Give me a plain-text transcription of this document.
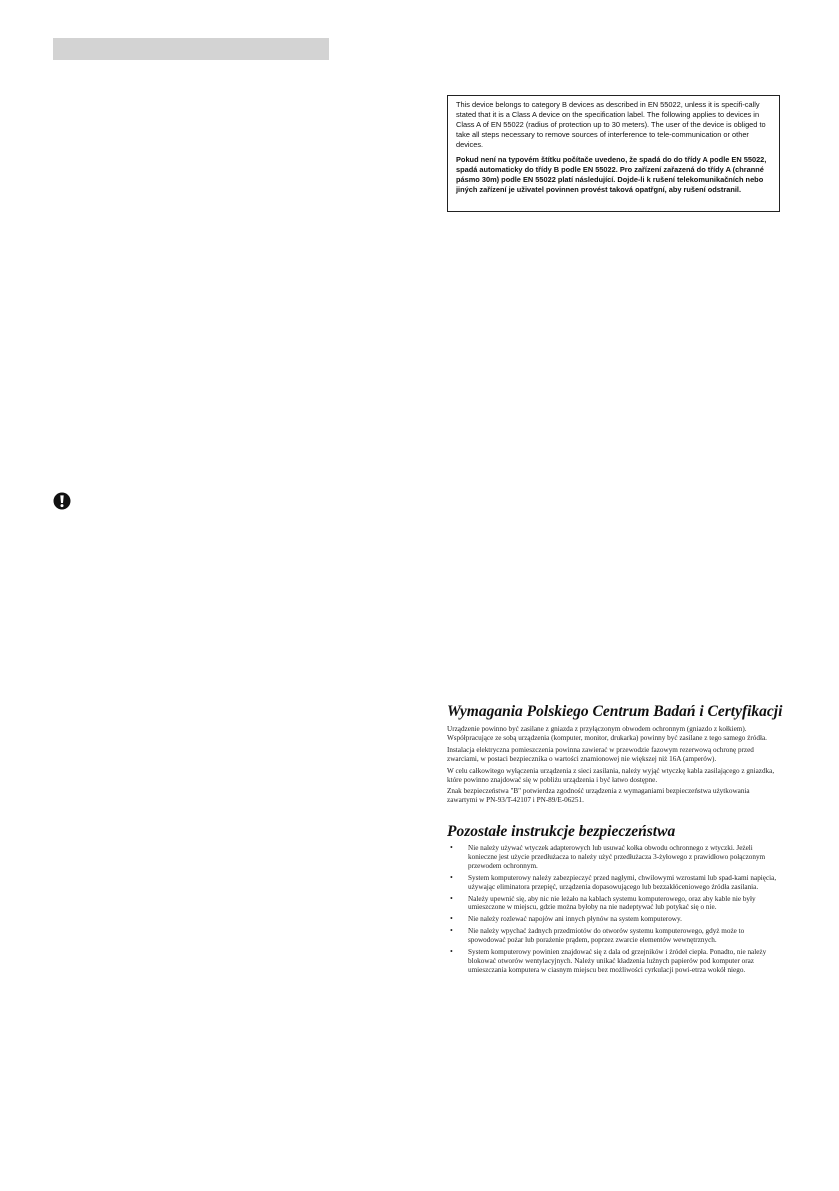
This device belongs to category B devices as described in EN 55022, unless it is specifi-cally stated that it is a Class A device on the specification label. The following applies to devices in Class A of EN 55022 (radius of protection up to 30 meters). The user of the device is obliged to take all steps necessary to remove sources of interference to tele-communication or other devices.

Pokud není na typovém štítku počítače uvedeno, že spadá do do třídy A podle EN 55022, spadá automaticky do třídy B podle EN 55022. Pro zařízení zařazená do třídy A (chranné pásmo 30m) podle EN 55022 platí následující. Dojde-li k rušení telekomunikačních nebo jiných zařízení je uživatel povinnen provést taková opatřgní, aby rušení odstranil.

Wymagania Polskiego Centrum Badań i Certyfikacji

Urządzenie powinno być zasilane z gniazda z przyłączonym obwodem ochronnym (gniazdo z kołkiem). Współpracujące ze sobą urządzenia (komputer, monitor, drukarka) powinny być zasilane z tego samego źródła.

Instalacja elektryczna pomieszczenia powinna zawierać w przewodzie fazowym rezerwową ochronę przed zwarciami, w postaci bezpiecznika o wartości znamionowej nie większej niż 16A (amperów).

W celu całkowitego wyłączenia urządzenia z sieci zasilania, należy wyjąć wtyczkę kabla zasilającego z gniazdka, które powinno znajdować się w pobliżu urządzenia i być łatwo dostępne.

Znak bezpieczeństwa "B" potwierdza zgodność urządzenia z wymaganiami bezpieczeństwa użytkowania zawartymi w PN-93/T-42107 i PN-89/E-06251.

Pozostałe instrukcje bezpieczeństwa
• Nie należy używać wtyczek adapterowych lub usuwać kołka obwodu ochronnego z wtyczki. Jeżeli konieczne jest użycie przedłużacza to należy użyć przedłużacza 3-żyłowego z prawidłowo połączonym przewodem ochronnym.
• System komputerowy należy zabezpieczyć przed nagłymi, chwilowymi wzrostami lub spad-kami napięcia, używając eliminatora przepięć, urządzenia dopasowującego lub bezzakłóceniowego źródła zasilania.
• Należy upewnić się, aby nic nie leżało na kablach systemu komputerowego, oraz aby kable nie były umieszczone w miejscu, gdzie można byłoby na nie nadeptywać lub potykać się o nie.
• Nie należy rozlewać napojów ani innych płynów na system komputerowy.
• Nie należy wpychać żadnych przedmiotów do otworów systemu komputerowego, gdyż może to spowodować pożar lub porażenie prądem, poprzez zwarcie elementów wewnętrznych.
• System komputerowy powinien znajdować się z dala od grzejników i źródeł ciepła. Ponadto, nie należy blokować otworów wentylacyjnych. Należy unikać kładzenia luźnych papierów pod komputer oraz umieszczania komputera w ciasnym miejscu bez możliwości cyrkulacji powi-etrza wokół niego.
